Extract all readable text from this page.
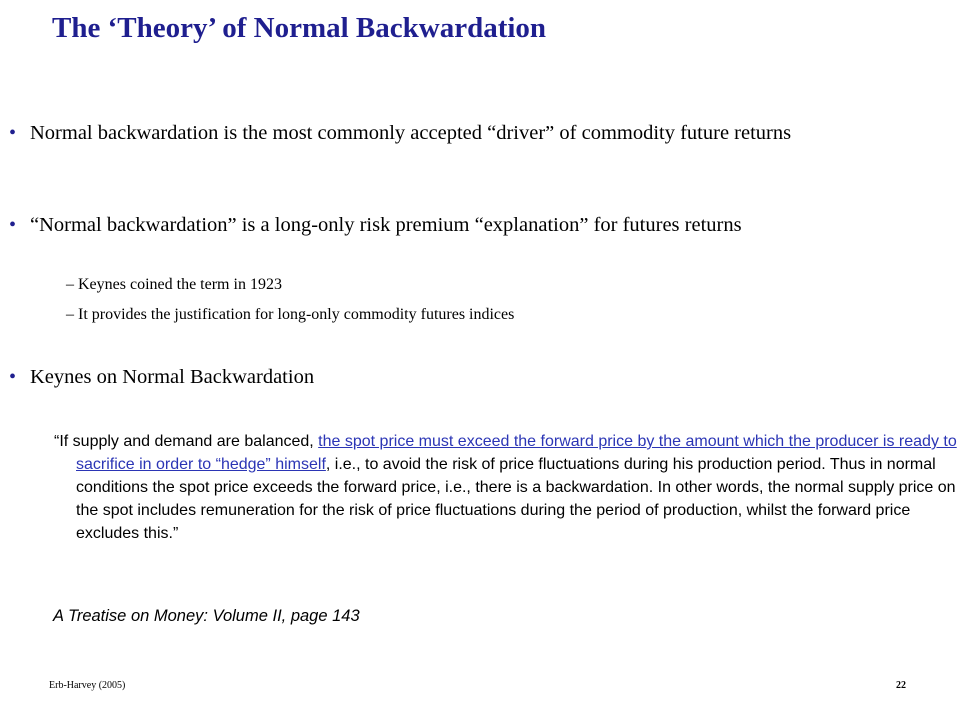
The ‘Theory’ of Normal Backwardation
• Normal backwardation is the most commonly accepted “driver” of commodity future returns
• “Normal backwardation” is a long-only risk premium “explanation” for futures returns
– Keynes coined the term in 1923
– It provides the justification for long-only commodity futures indices
• Keynes on Normal Backwardation
“If supply and demand are balanced, the spot price must exceed the forward price by the amount which the producer is ready to sacrifice in order to “hedge” himself, i.e., to avoid the risk of price fluctuations during his production period. Thus in normal conditions the spot price exceeds the forward price, i.e., there is a backwardation. In other words, the normal supply price on the spot includes remuneration for the risk of price fluctuations during the period of production, whilst the forward price excludes this.”
A Treatise on Money: Volume II, page 143
Erb-Harvey (2005)	22
